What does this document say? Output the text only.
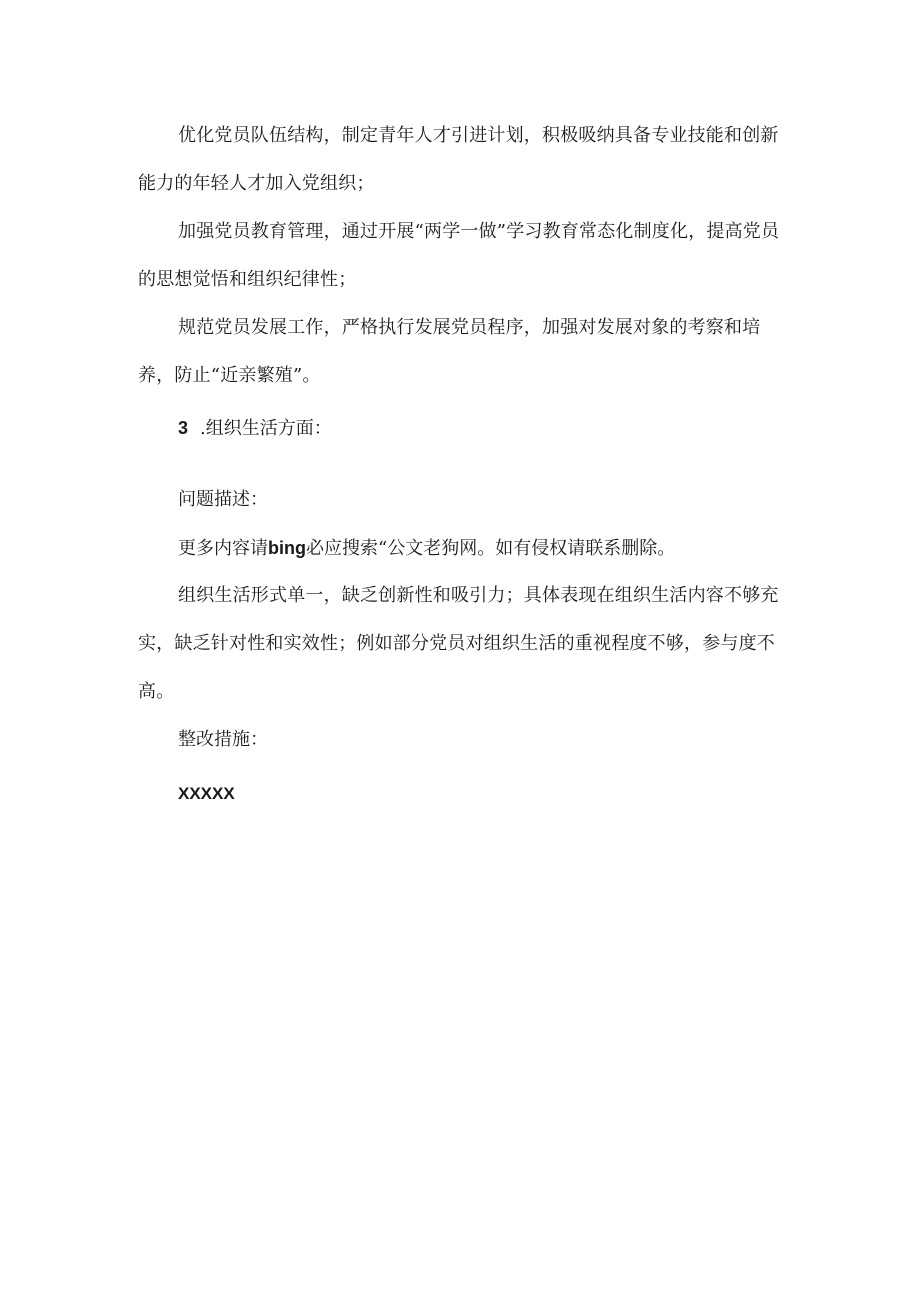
优化党员队伍结构，制定青年人才引进计划，积极吸纳具备专业技能和创新能力的年轻人才加入党组织；

加强党员教育管理，通过开展“两学一做”学习教育常态化制度化，提高党员的思想觉悟和组织纪律性；

规范党员发展工作，严格执行发展党员程序，加强对发展对象的考察和培养，防止“近亲繁殖”。

3 .组织生活方面：
问题描述：
更多内容请bing必应搜索“公文老狗网。如有侵权请联系删除。

组织生活形式单一，缺乏创新性和吸引力；具体表现在组织生活内容不够充实，缺乏针对性和实效性；例如部分党员对组织生活的重视程度不够，参与度不高。

整改措施：
XXXXX
